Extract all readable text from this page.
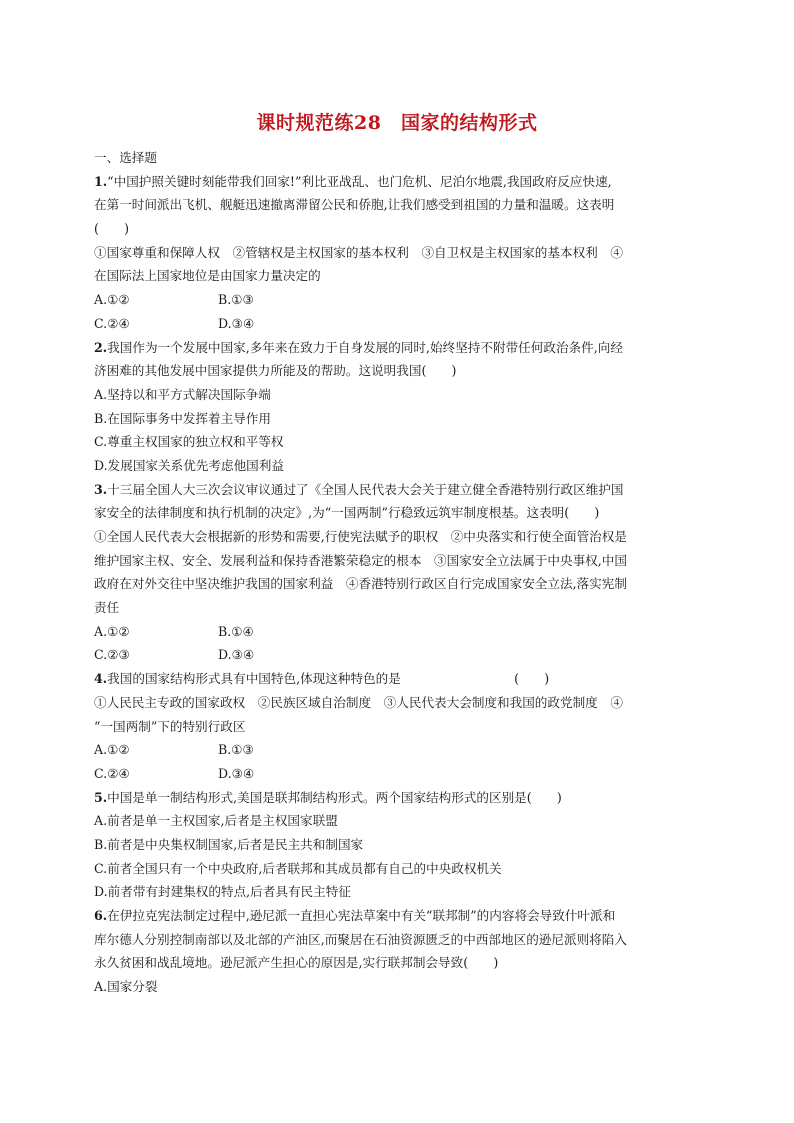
课时规范练28　国家的结构形式
一、选择题
1.“中国护照关键时刻能带我们回家!”利比亚战乱、也门危机、尼泊尔地震,我国政府反应快速,
在第一时间派出飞机、舰艇迅速撤离滞留公民和侨胞,让我们感受到祖国的力量和温暖。这表明
(　　)
①国家尊重和保障人权　②管辖权是主权国家的基本权利　③自卫权是主权国家的基本权利　④
在国际法上国家地位是由国家力量决定的
A.①②	B.①③
C.②④	D.③④
2.我国作为一个发展中国家,多年来在致力于自身发展的同时,始终坚持不附带任何政治条件,向经
济困难的其他发展中国家提供力所能及的帮助。这说明我国(　　)
A.坚持以和平方式解决国际争端
B.在国际事务中发挥着主导作用
C.尊重主权国家的独立权和平等权
D.发展国家关系优先考虑他国利益
3.十三届全国人大三次会议审议通过了《全国人民代表大会关于建立健全香港特别行政区维护国
家安全的法律制度和执行机制的决定》,为“一国两制”行稳致远筑牢制度根基。这表明(　　)
①全国人民代表大会根据新的形势和需要,行使宪法赋予的职权　②中央落实和行使全面管治权是
维护国家主权、安全、发展利益和保持香港繁荣稳定的根本　③国家安全立法属于中央事权,中国
政府在对外交往中坚决维护我国的国家利益　④香港特别行政区自行完成国家安全立法,落实宪制
责任
A.①②	B.①④
C.②③	D.③④
4.我国的国家结构形式具有中国特色,体现这种特色的是　　　　　　　　　(　　)
①人民民主专政的国家政权　②民族区域自治制度　③人民代表大会制度和我国的政党制度　④
“一国两制”下的特别行政区
A.①②	B.①③
C.②④	D.③④
5.中国是单一制结构形式,美国是联邦制结构形式。两个国家结构形式的区别是(　　)
A.前者是单一主权国家,后者是主权国家联盟
B.前者是中央集权制国家,后者是民主共和制国家
C.前者全国只有一个中央政府,后者联邦和其成员都有自己的中央政权机关
D.前者带有封建集权的特点,后者具有民主特征
6.在伊拉克宪法制定过程中,逊尼派一直担心宪法草案中有关“联邦制”的内容将会导致什叶派和
库尔德人分别控制南部以及北部的产油区,而聚居在石油资源匮乏的中西部地区的逊尼派则将陷入
永久贫困和战乱境地。逊尼派产生担心的原因是,实行联邦制会导致(　　)
A.国家分裂
